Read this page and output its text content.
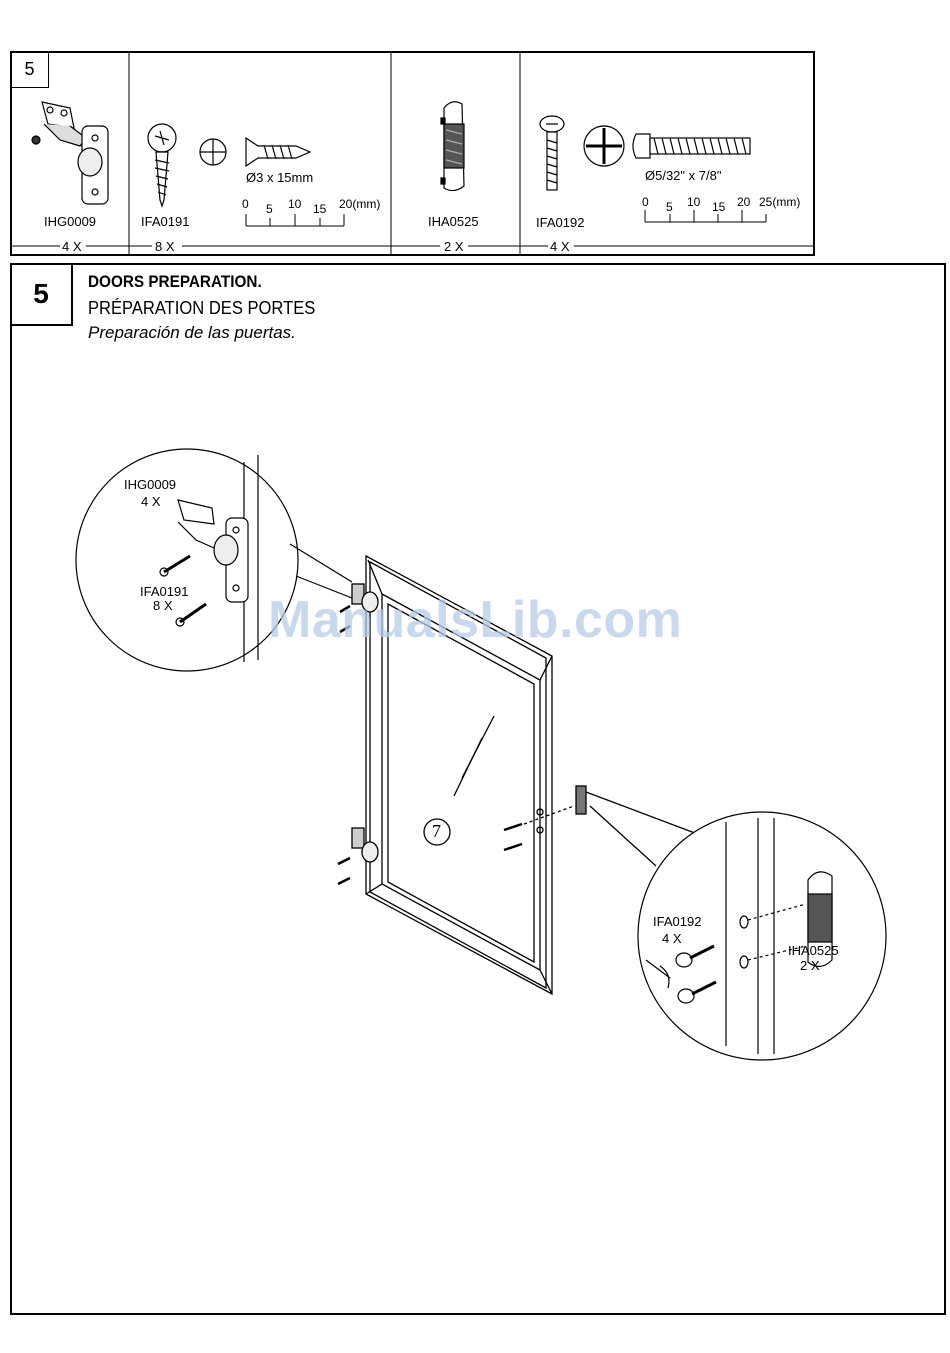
5
5	DOORS PREPARATION.
PRÉPARATION DES PORTES
Preparación de las puertas.
IHG0009
4 X
IFA0191
8 X
Ø3 x 15mm
0 5 10 15 20(mm)
IHA0525
2 X
IFA0192
4 X
Ø5/32" x 7/8"
0 5 10 15 20 25(mm)
IHG0009
4 X
IFA0191
8 X
7
IFA0192
4 X
IHA0525
2 X
ManualsLib.com
